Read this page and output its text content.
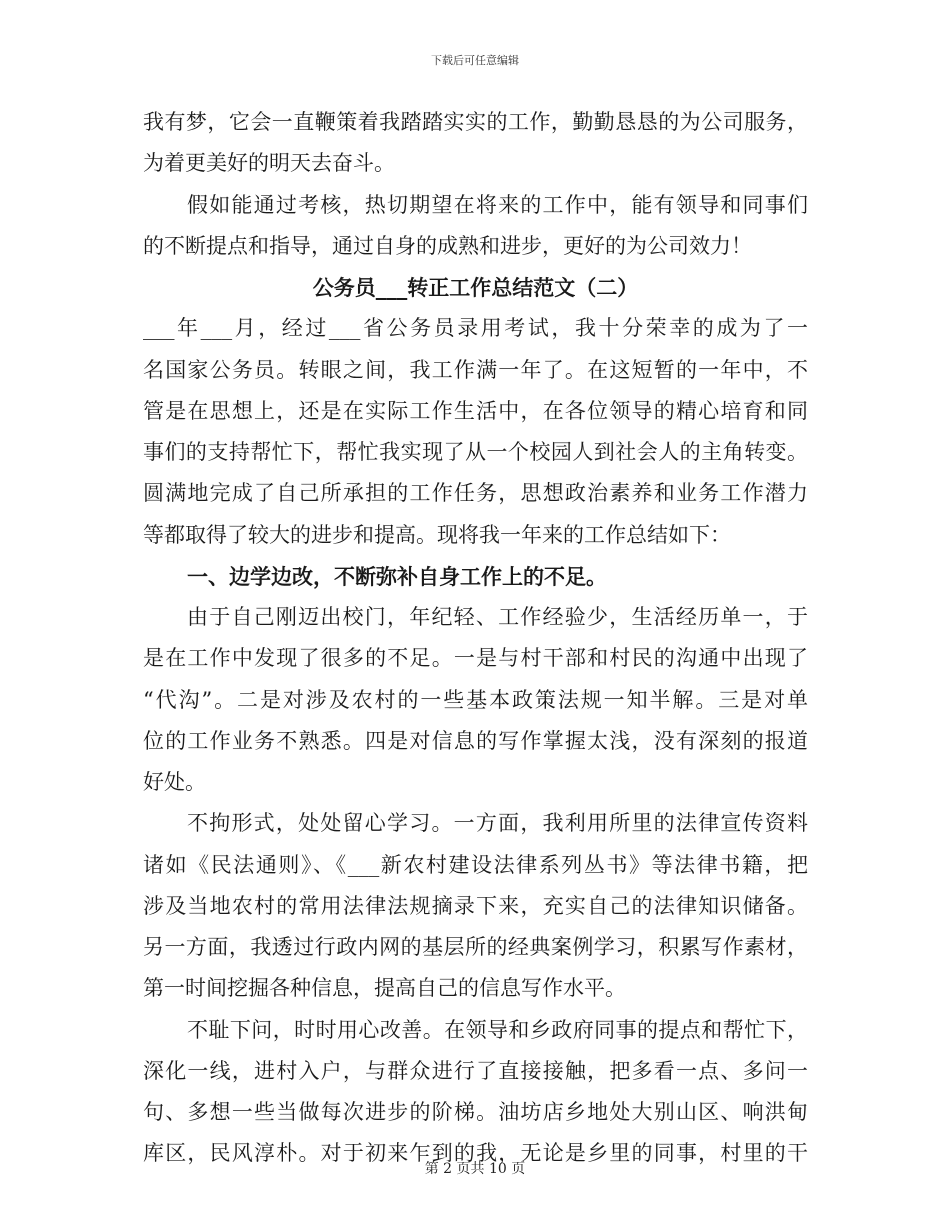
下载后可任意编辑
我有梦，它会一直鞭策着我踏踏实实的工作，勤勤恳恳的为公司服务，
为着更美好的明天去奋斗。
假如能通过考核，热切期望在将来的工作中，能有领导和同事们
的不断提点和指导，通过自身的成熟和进步，更好的为公司效力！
公务员___转正工作总结范文（二）
___年___月，经过___省公务员录用考试，我十分荣幸的成为了一
名国家公务员。转眼之间，我工作满一年了。在这短暂的一年中，不
管是在思想上，还是在实际工作生活中，在各位领导的精心培育和同
事们的支持帮忙下，帮忙我实现了从一个校园人到社会人的主角转变。
圆满地完成了自己所承担的工作任务，思想政治素养和业务工作潜力
等都取得了较大的进步和提高。现将我一年来的工作总结如下：
一、边学边改，不断弥补自身工作上的不足。
由于自己刚迈出校门，年纪轻、工作经验少，生活经历单一，于
是在工作中发现了很多的不足。一是与村干部和村民的沟通中出现了
“代沟”。二是对涉及农村的一些基本政策法规一知半解。三是对单
位的工作业务不熟悉。四是对信息的写作掌握太浅，没有深刻的报道
好处。
不拘形式，处处留心学习。一方面，我利用所里的法律宣传资料
诸如《民法通则》、《___新农村建设法律系列丛书》等法律书籍，把
涉及当地农村的常用法律法规摘录下来，充实自己的法律知识储备。
另一方面，我透过行政内网的基层所的经典案例学习，积累写作素材，
第一时间挖掘各种信息，提高自己的信息写作水平。
不耻下问，时时用心改善。在领导和乡政府同事的提点和帮忙下，
深化一线，进村入户，与群众进行了直接接触，把多看一点、多问一
句、多想一些当做每次进步的阶梯。油坊店乡地处大别山区、响洪甸
库区，民风淳朴。对于初来乍到的我，无论是乡里的同事，村里的干
第 2 页共 10 页
